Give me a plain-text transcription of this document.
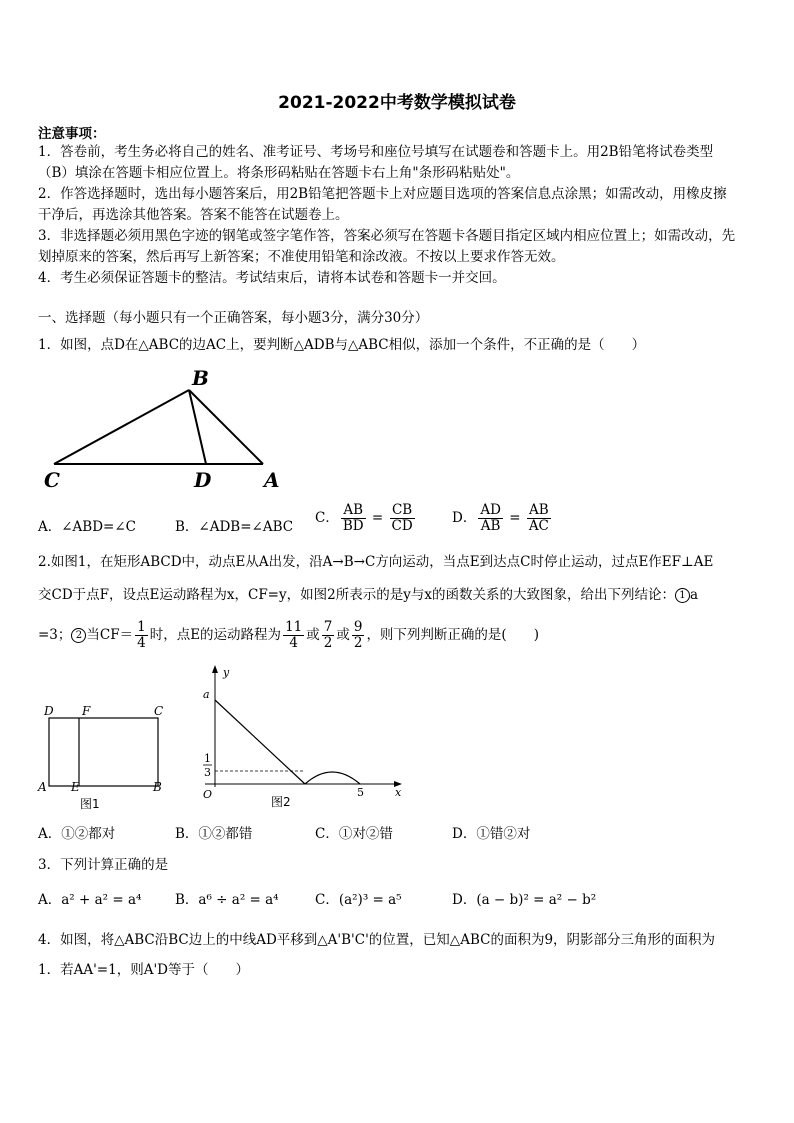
2021-2022中考数学模拟试卷
注意事项：
1．答卷前，考生务必将自己的姓名、准考证号、考场号和座位号填写在试题卷和答题卡上。用2B铅笔将试卷类型
（B）填涂在答题卡相应位置上。将条形码粘贴在答题卡右上角"条形码粘贴处"。
2．作答选择题时，选出每小题答案后，用2B铅笔把答题卡上对应题目选项的答案信息点涂黑；如需改动，用橡皮擦
干净后，再选涂其他答案。答案不能答在试题卷上。
3．非选择题必须用黑色字迹的钢笔或签字笔作答，答案必须写在答题卡各题目指定区域内相应位置上；如需改动，先
划掉原来的答案，然后再写上新答案；不准使用铅笔和涂改液。不按以上要求作答无效。
4．考生必须保证答题卡的整洁。考试结束后，请将本试卷和答题卡一并交回。
一、选择题（每小题只有一个正确答案，每小题3分，满分30分）
1．如图，点D在△ABC的边AC上，要判断△ADB与△ABC相似，添加一个条件，不正确的是（　　）
B
C	D	A
A．∠ABD=∠C	B．∠ADB=∠ABC
C． $\frac{AB}{BD} = \frac{CB}{CD}$	D． $\frac{AD}{AB} = \frac{AB}{AC}$
2.如图1，在矩形ABCD中，动点E从A出发，沿A→B→C方向运动，当点E到达点C时停止运动，过点E作EF⊥AE
交CD于点F，设点E运动路程为x，CF=y，如图2所表示的是y与x的函数关系的大致图象，给出下列结论： 1 a
=3； 2 当$CF= \frac{1}{4}$ 时，点E的运动路程为 $\frac{11}{4}$ 或 $\frac{7}{2}$ 或 $\frac{9}{2}$ ，则下列判断正确的是(　　)
D F	C
A E	B
图1
y
a
1
3
O	5	x
图2
A．①②都对	B．①②都错	C．①对②错	D．①错②对
3．下列计算正确的是
A．a² + a² = a⁴ B．a⁶ ÷ a² = a⁴	C．(a²)³ = a⁵	D．(a − b)² = a² − b²
4．如图，将△ABC沿BC边上的中线AD平移到△A'B'C'的位置，已知△ABC的面积为9，阴影部分三角形的面积为
1．若AA'=1，则A'D等于（　　）
